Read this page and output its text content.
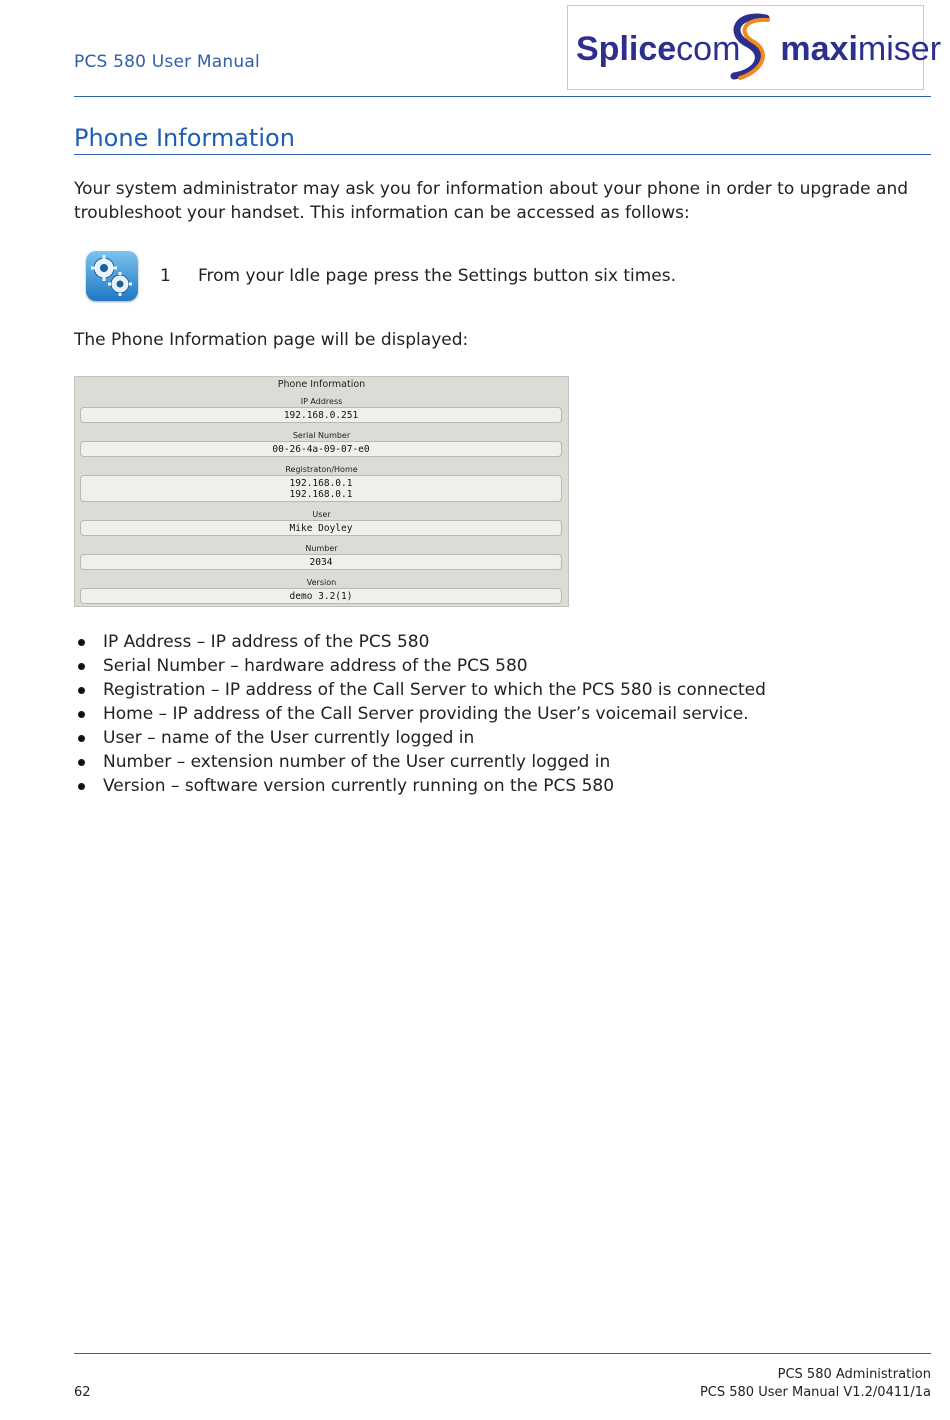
PCS 580 User Manual	Splicecom maximiser
Phone Information
Your system administrator may ask you for information about your phone in order to upgrade and troubleshoot your handset. This information can be accessed as follows:
1 From your Idle page press the Settings button six times.
The Phone Information page will be displayed:
Phone Information
IP Address
192.168.0.251
Serial Number
00-26-4a-09-07-e0
Registraton/Home
192.168.0.1
192.168.0.1
User
Mike Doyley
Number
2034
Version
demo 3.2(1)
IP Address – IP address of the PCS 580
Serial Number – hardware address of the PCS 580
Registration – IP address of the Call Server to which the PCS 580 is connected
Home – IP address of the Call Server providing the User’s voicemail service.
User – name of the User currently logged in
Number – extension number of the User currently logged in
Version – software version currently running on the PCS 580
62
PCS 580 Administration
PCS 580 User Manual V1.2/0411/1a
